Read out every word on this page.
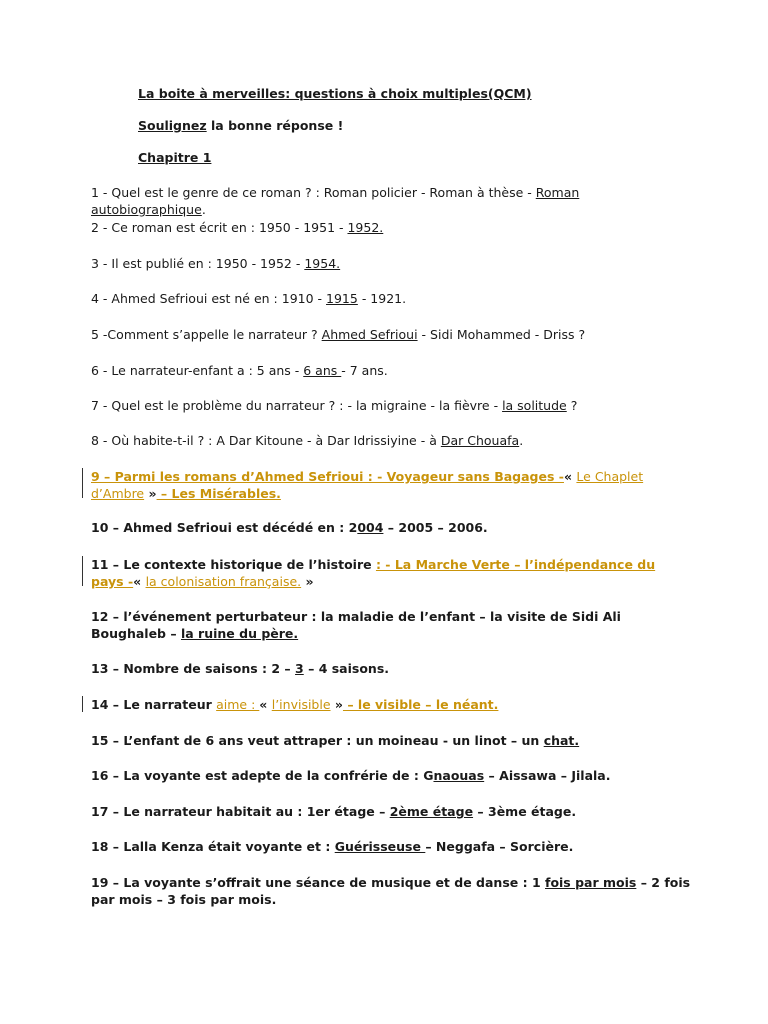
La boite à merveilles: questions à choix multiples(QCM)
Soulignez la bonne réponse !
Chapitre 1
1 - Quel est le genre de ce roman ? : Roman policier - Roman à thèse - Roman autobiographique.
2 - Ce roman est écrit en : 1950 - 1951 - 1952.
3 - Il est publié en : 1950 - 1952 - 1954.
4 - Ahmed Sefrioui est né en : 1910 - 1915 - 1921.
5 -Comment s’appelle le narrateur ? Ahmed Sefrioui - Sidi Mohammed - Driss ?
6 - Le narrateur-enfant a : 5 ans - 6 ans - 7 ans.
7 - Quel est le problème du narrateur ? : - la migraine - la fièvre - la solitude ?
8 - Où habite-t-il ? : A Dar Kitoune - à Dar Idrissiyine - à Dar Chouafa.
9 – Parmi les romans d’Ahmed Sefrioui : - Voyageur sans Bagages -« Le Chaplet d’Ambre » – Les Misérables.
10 – Ahmed Sefrioui est décédé en : 2004 – 2005 – 2006.
11 – Le contexte historique de l’histoire : - La Marche Verte – l’indépendance du pays -« la colonisation française. »
12 – l’événement perturbateur : la maladie de l’enfant – la visite de Sidi Ali Boughaleb – la ruine du père.
13 – Nombre de saisons : 2 – 3 – 4 saisons.
14 – Le narrateur aime : « l’invisible » – le visible – le néant.
15 – L’enfant de 6 ans veut attraper : un moineau - un linot – un chat.
16 – La voyante est adepte de la confrérie de : Gnaouas – Aissawa – Jilala.
17 – Le narrateur habitait au : 1er étage – 2ème étage – 3ème étage.
18 – Lalla Kenza était voyante et : Guérisseuse – Neggafa – Sorcière.
19 – La voyante s’offrait une séance de musique et de danse : 1 fois par mois – 2 fois par mois – 3 fois par mois.
